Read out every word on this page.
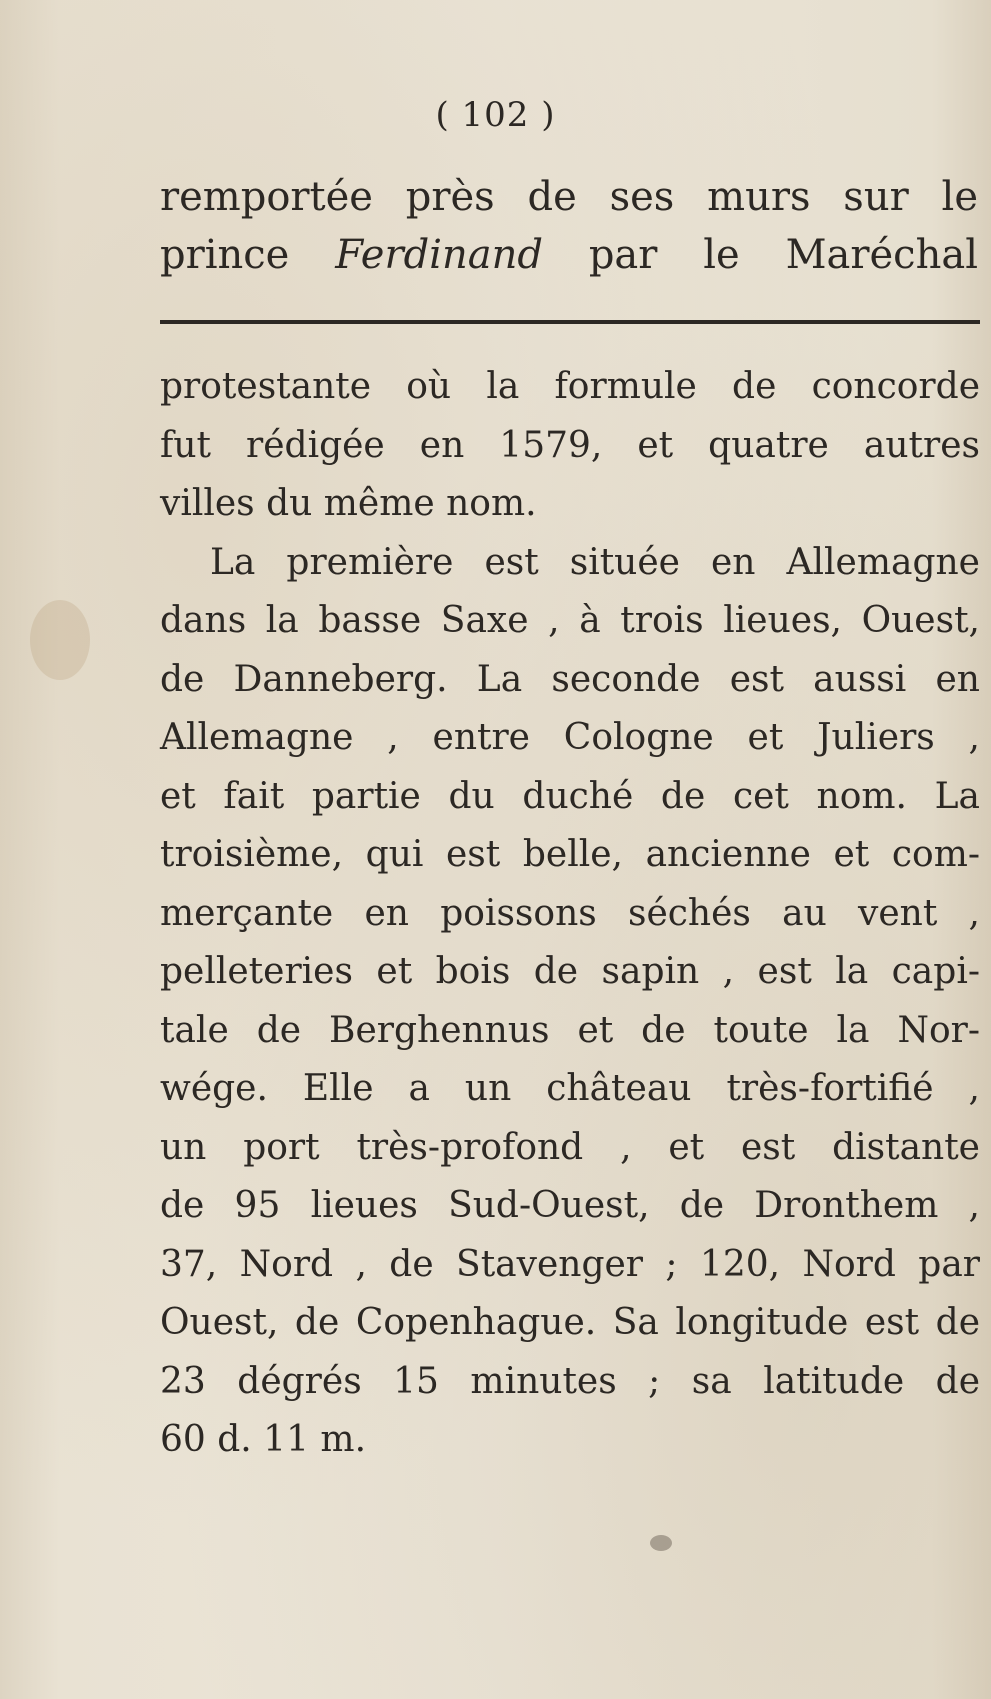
( 102 )
remportée près de ses murs sur le
prince Ferdinand par le Maréchal
protestante où la formule de concorde
fut rédigée en 1579, et quatre autres
villes du même nom.
La première est située en Allemagne
dans la basse Saxe , à trois lieues, Ouest,
de Danneberg. La seconde est aussi en
Allemagne , entre Cologne et Juliers ,
et fait partie du duché de cet nom. La
troisième, qui est belle, ancienne et com-
merçante en poissons séchés au vent ,
pelleteries et bois de sapin , est la capi-
tale de Berghennus et de toute la Nor-
wége. Elle a un château très-fortifié ,
un port très-profond , et est distante
de 95 lieues Sud-Ouest, de Dronthem ,
37, Nord , de Stavenger ; 120, Nord par
Ouest, de Copenhague. Sa longitude est de
23 dégrés 15 minutes ; sa latitude de
60 d. 11 m.
